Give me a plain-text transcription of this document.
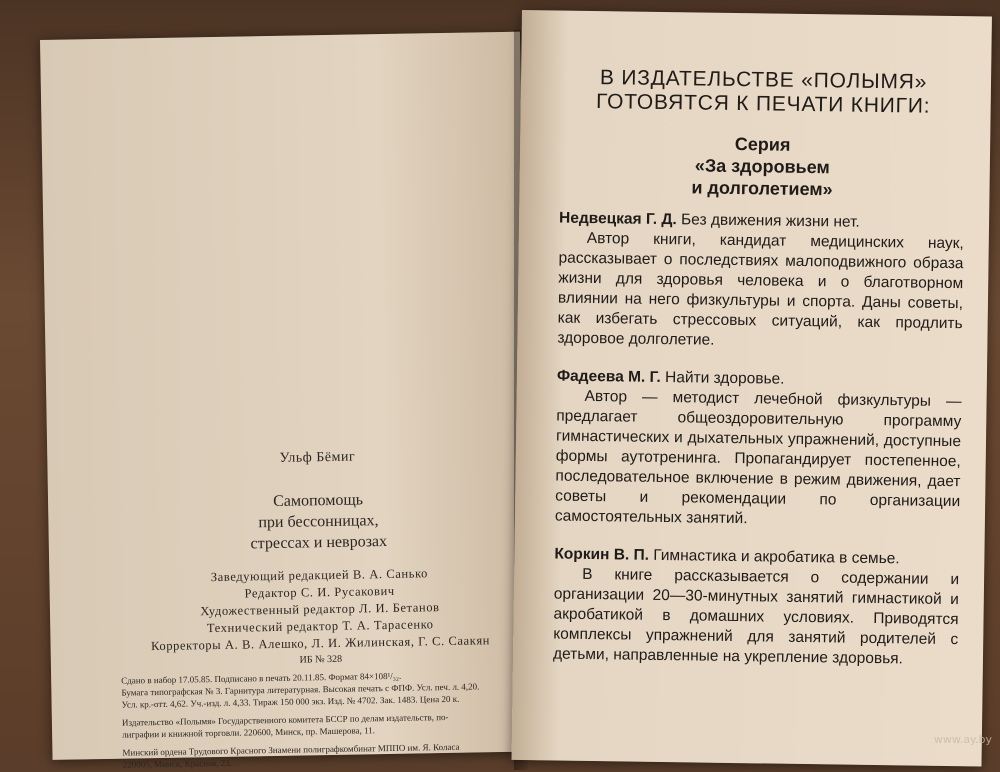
Ульф Бёмиг
Самопомощь
при бессонницах,
стрессах и неврозах
Заведующий редакцией В. А. Санько
Редактор С. И. Русакович
Художественный редактор Л. И. Бетанов
Технический редактор Т. А. Тарасенко
Корректоры А. В. Алешко, Л. И. Жилинская, Г. С. Саакян
ИБ № 328
Сдано в набор 17.05.85. Подписано в печать 20.11.85. Формат 84×108¹/₃₂.
Бумага типографская № 3. Гарнитура литературная. Высокая печать с ФПФ. Усл. печ. л. 4,20.
Усл. кр.-отт. 4,62. Уч.-изд. л. 4,33. Тираж 150 000 экз. Изд. № 4702. Зак. 1483. Цена 20 к.
Издательство «Полымя» Государственного комитета БССР по делам издательств, по-
лиграфии и книжной торговли. 220600, Минск, пр. Машерова, 11.
Минский ордена Трудового Красного Знамени полиграфкомбинат МППО им. Я. Коласа
220005, Минск, Красная, 23.
В ИЗДАТЕЛЬСТВЕ «ПОЛЫМЯ»
ГОТОВЯТСЯ К ПЕЧАТИ КНИГИ:
Серия
«За здоровьем
и долголетием»
Недвецкая Г. Д. Без движения жизни нет.

Автор книги, кандидат медицинских наук, рассказывает о последствиях малоподвижного образа жизни для здоровья человека и о благотворном влиянии на него физкультуры и спорта. Даны советы, как избегать стрессовых ситуаций, как продлить здоровое долголетие.

Фадеева М. Г. Найти здоровье.

Автор — методист лечебной физкультуры — предлагает общеоздоровительную программу гимнастических и дыхательных упражнений, доступные формы аутотренинга. Пропагандирует постепенное, последовательное включение в режим движения, дает советы и рекомендации по организации самостоятельных занятий.

Коркин В. П. Гимнастика и акробатика в семье.

В книге рассказывается о содержании и организации 20—30-минутных занятий гимнастикой и акробатикой в домашних условиях. Приводятся комплексы упражнений для занятий родителей с детьми, направленные на укрепление здоровья.

www.ay.by
